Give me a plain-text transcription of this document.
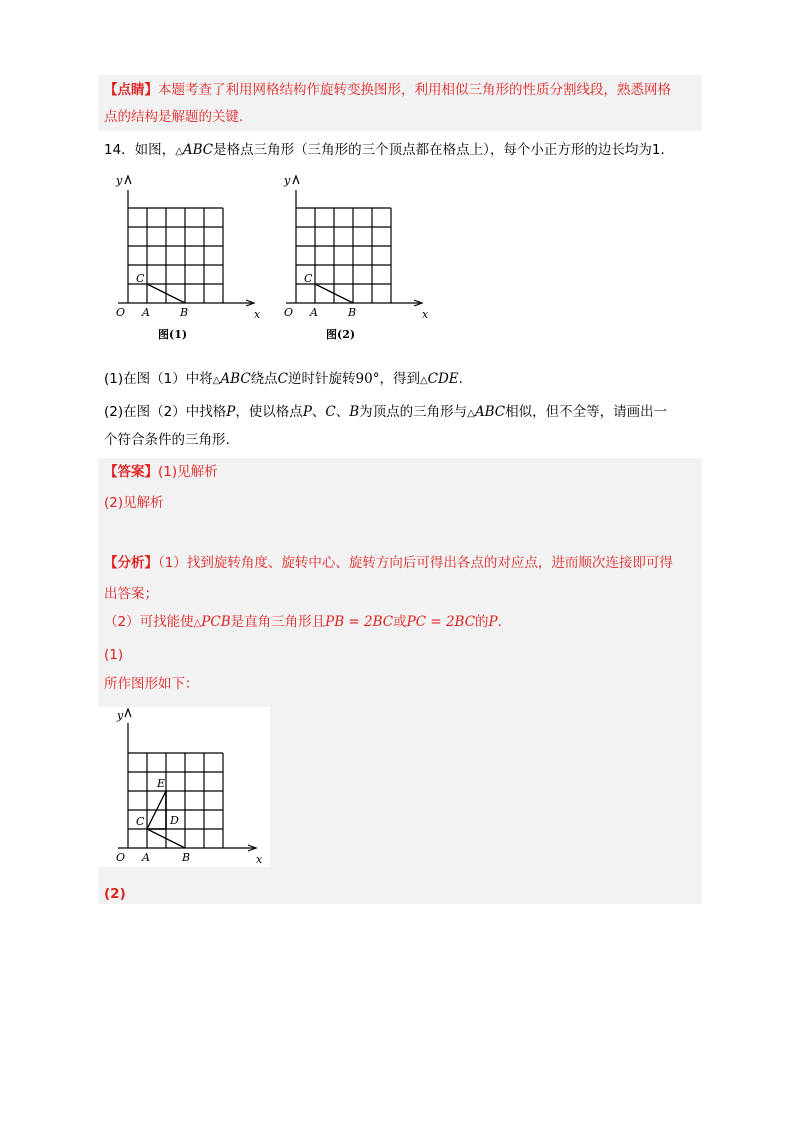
【点睛】本题考查了利用网格结构作旋转变换图形，利用相似三角形的性质分割线段，熟悉网格
点的结构是解题的关键.
14．如图，△ABC是格点三角形（三角形的三个顶点都在格点上），每个小正方形的边长均为1.
y
x
O A	B
C
图(1)
y
x
O A	B
C
图(2)
(1)在图（1）中将△ABC绕点C逆时针旋转90°，得到△CDE.
(2)在图（2）中找格P，使以格点P、C、B为顶点的三角形与△ABC相似，但不全等，请画出一
个符合条件的三角形.
【答案】(1)见解析
(2)见解析
【分析】（1）找到旋转角度、旋转中心、旋转方向后可得出各点的对应点，进而顺次连接即可得
出答案；
（2）可找能使△PCB是直角三角形且PB = 2BC或PC = 2BC的P.
(1)
所作图形如下：
y
x
O A	B
C D
E
(2)
